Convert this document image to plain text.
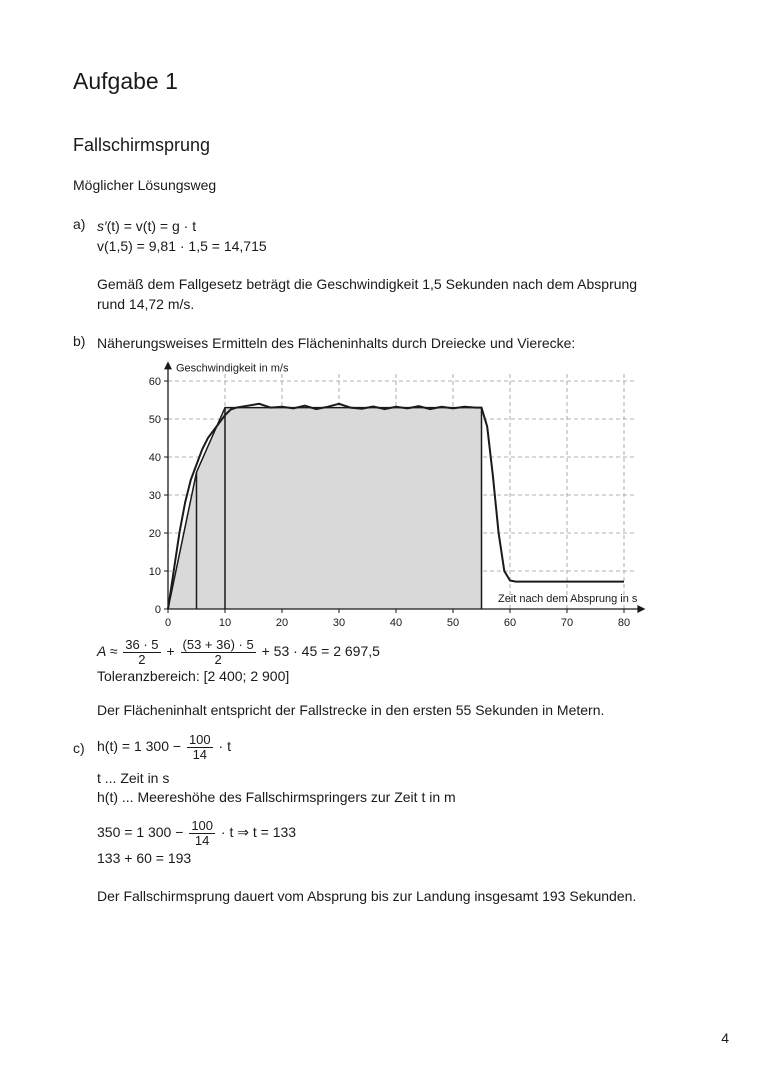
Aufgabe 1
Fallschirmsprung
Möglicher Lösungsweg
a) s′(t) = v(t) = g · t
v(1,5) = 9,81 · 1,5 = 14,715
Gemäß dem Fallgesetz beträgt die Geschwindigkeit 1,5 Sekunden nach dem Absprung
rund 14,72 m/s.
b) Näherungsweises Ermitteln des Flächeninhalts durch Dreiecke und Vierecke:
0	10	20	30	40	50	60	70	80
0
10
20
30
40
50
60
Geschwindigkeit in m/s
Zeit nach dem Absprung in s
$A \approx \frac{36 \cdot 5}{2} + \frac{(53 + 36) \cdot 5}{2} + 53 \cdot 45 = 2$ 697,5
Toleranzbereich: [2 400; 2 900]
Der Flächeninhalt entspricht der Fallstrecke in den ersten 55 Sekunden in Metern.
c) h(t) = 1 $300 - \frac{100}{14} \cdot t$
t ... Zeit in s
h(t) ... Meereshöhe des Fallschirmspringers zur Zeit t in m
350 = 1 $300 - \frac{100}{14} \cdot t$ ⇒ t = 133
133 + 60 = 193
Der Fallschirmsprung dauert vom Absprung bis zur Landung insgesamt 193 Sekunden.
4
